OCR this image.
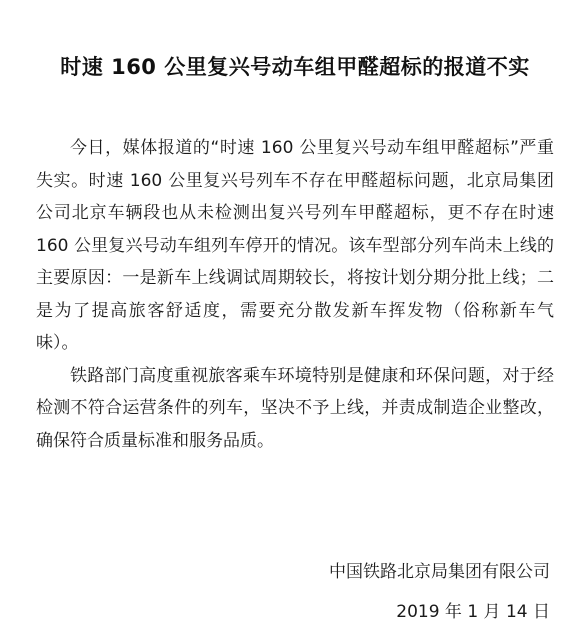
时速 160 公里复兴号动车组甲醛超标的报道不实

今日，媒体报道的“时速 160 公里复兴号动车组甲醛超标”严重失实。时速 160 公里复兴号列车不存在甲醛超标问题，北京局集团公司北京车辆段也从未检测出复兴号列车甲醛超标，更不存在时速 160 公里复兴号动车组列车停开的情况。该车型部分列车尚未上线的主要原因：一是新车上线调试周期较长，将按计划分期分批上线；二是为了提高旅客舒适度，需要充分散发新车挥发物（俗称新车气味）。

铁路部门高度重视旅客乘车环境特别是健康和环保问题，对于经检测不符合运营条件的列车，坚决不予上线，并责成制造企业整改，确保符合质量标准和服务品质。

中国铁路北京局集团有限公司
2019 年 1 月 14 日
